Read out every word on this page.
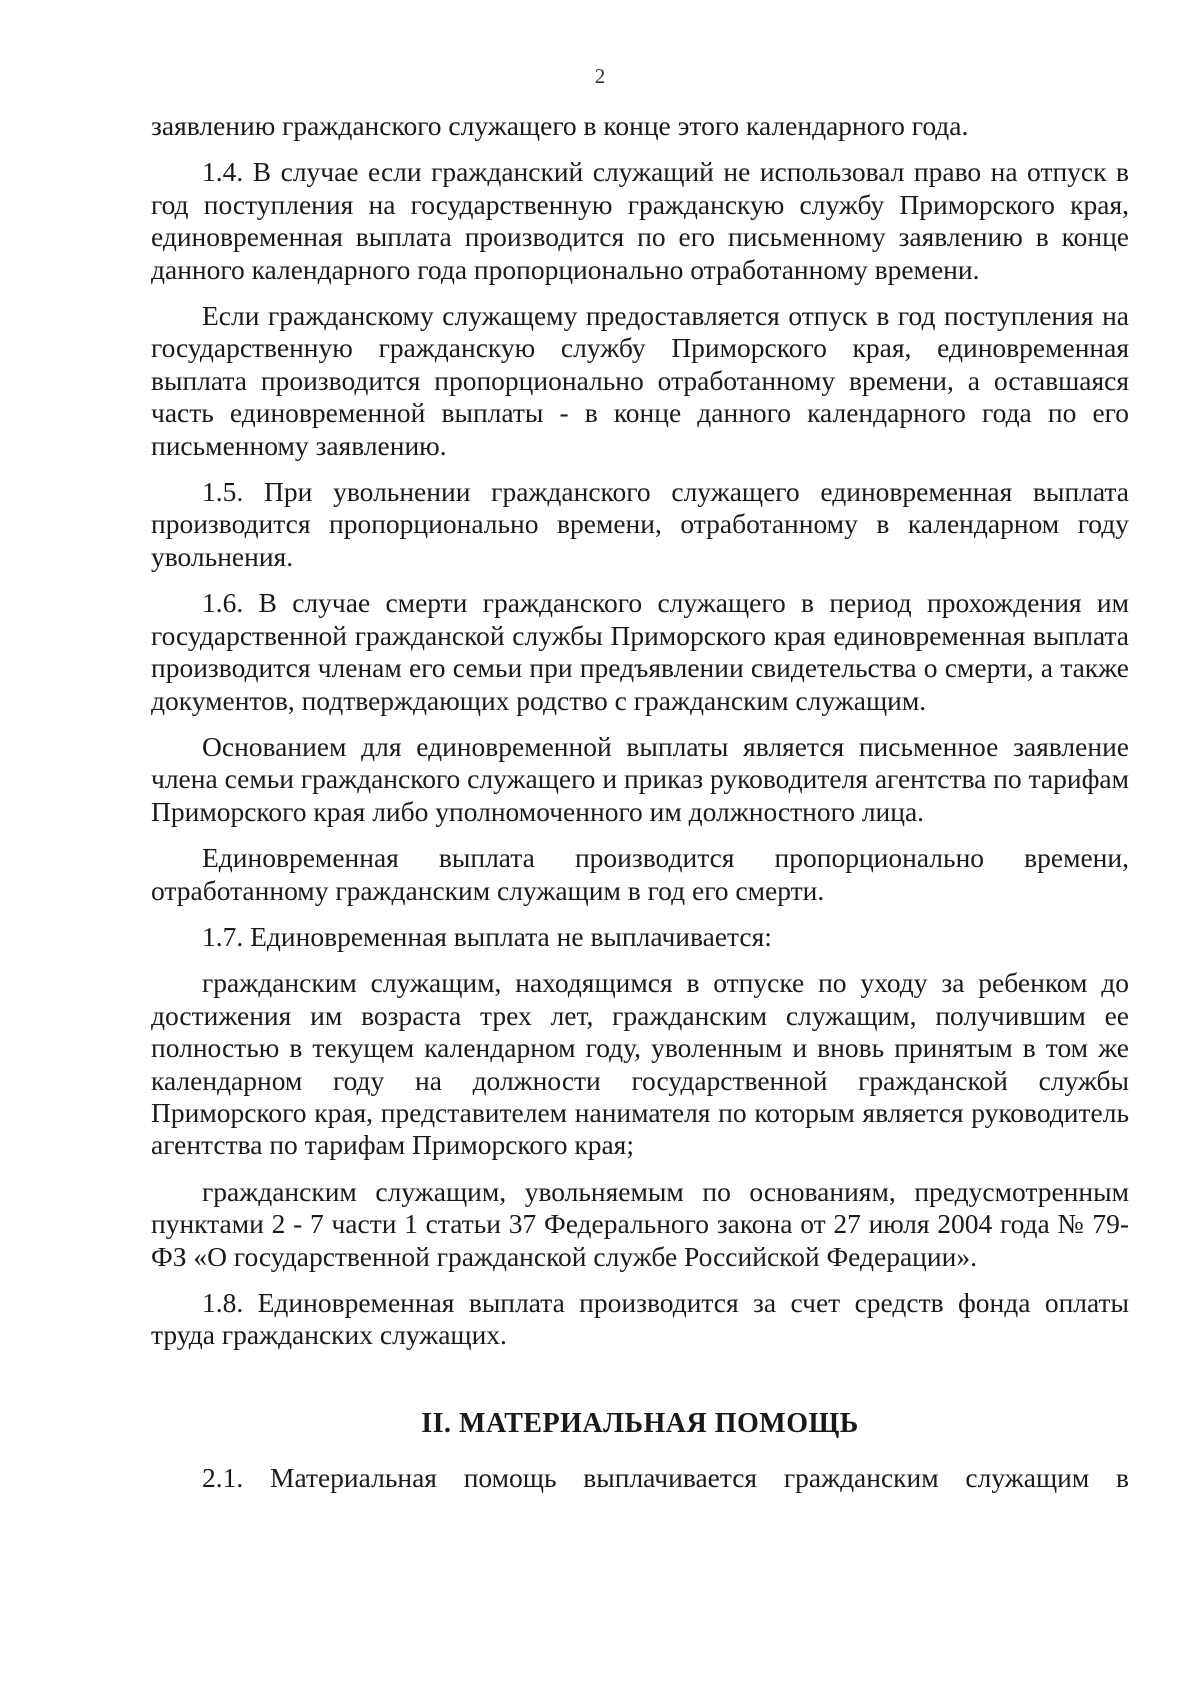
2

заявлению гражданского служащего в конце этого календарного года.

1.4. В случае если гражданский служащий не использовал право на отпуск в год поступления на государственную гражданскую службу Приморского края, единовременная выплата производится по его письменному заявлению в конце данного календарного года пропорционально отработанному времени.

Если гражданскому служащему предоставляется отпуск в год поступления на государственную гражданскую службу Приморского края, единовременная выплата производится пропорционально отработанному времени, а оставшаяся часть единовременной выплаты - в конце данного календарного года по его письменному заявлению.

1.5. При увольнении гражданского служащего единовременная выплата производится пропорционально времени, отработанному в календарном году увольнения.

1.6. В случае смерти гражданского служащего в период прохождения им государственной гражданской службы Приморского края единовременная выплата производится членам его семьи при предъявлении свидетельства о смерти, а также документов, подтверждающих родство с гражданским служащим.

Основанием для единовременной выплаты является письменное заявление члена семьи гражданского служащего и приказ руководителя агентства по тарифам Приморского края либо уполномоченного им должностного лица.

Единовременная выплата производится пропорционально времени, отработанному гражданским служащим в год его смерти.

1.7. Единовременная выплата не выплачивается:

гражданским служащим, находящимся в отпуске по уходу за ребенком до достижения им возраста трех лет, гражданским служащим, получившим ее полностью в текущем календарном году, уволенным и вновь принятым в том же календарном году на должности государственной гражданской службы Приморского края, представителем нанимателя по которым является руководитель агентства по тарифам Приморского края;

гражданским служащим, увольняемым по основаниям, предусмотренным пунктами 2 - 7 части 1 статьи 37 Федерального закона от 27 июля 2004 года № 79-ФЗ «О государственной гражданской службе Российской Федерации».

1.8. Единовременная выплата производится за счет средств фонда оплаты труда гражданских служащих.

II. МАТЕРИАЛЬНАЯ ПОМОЩЬ

2.1. Материальная помощь выплачивается гражданским служащим в
